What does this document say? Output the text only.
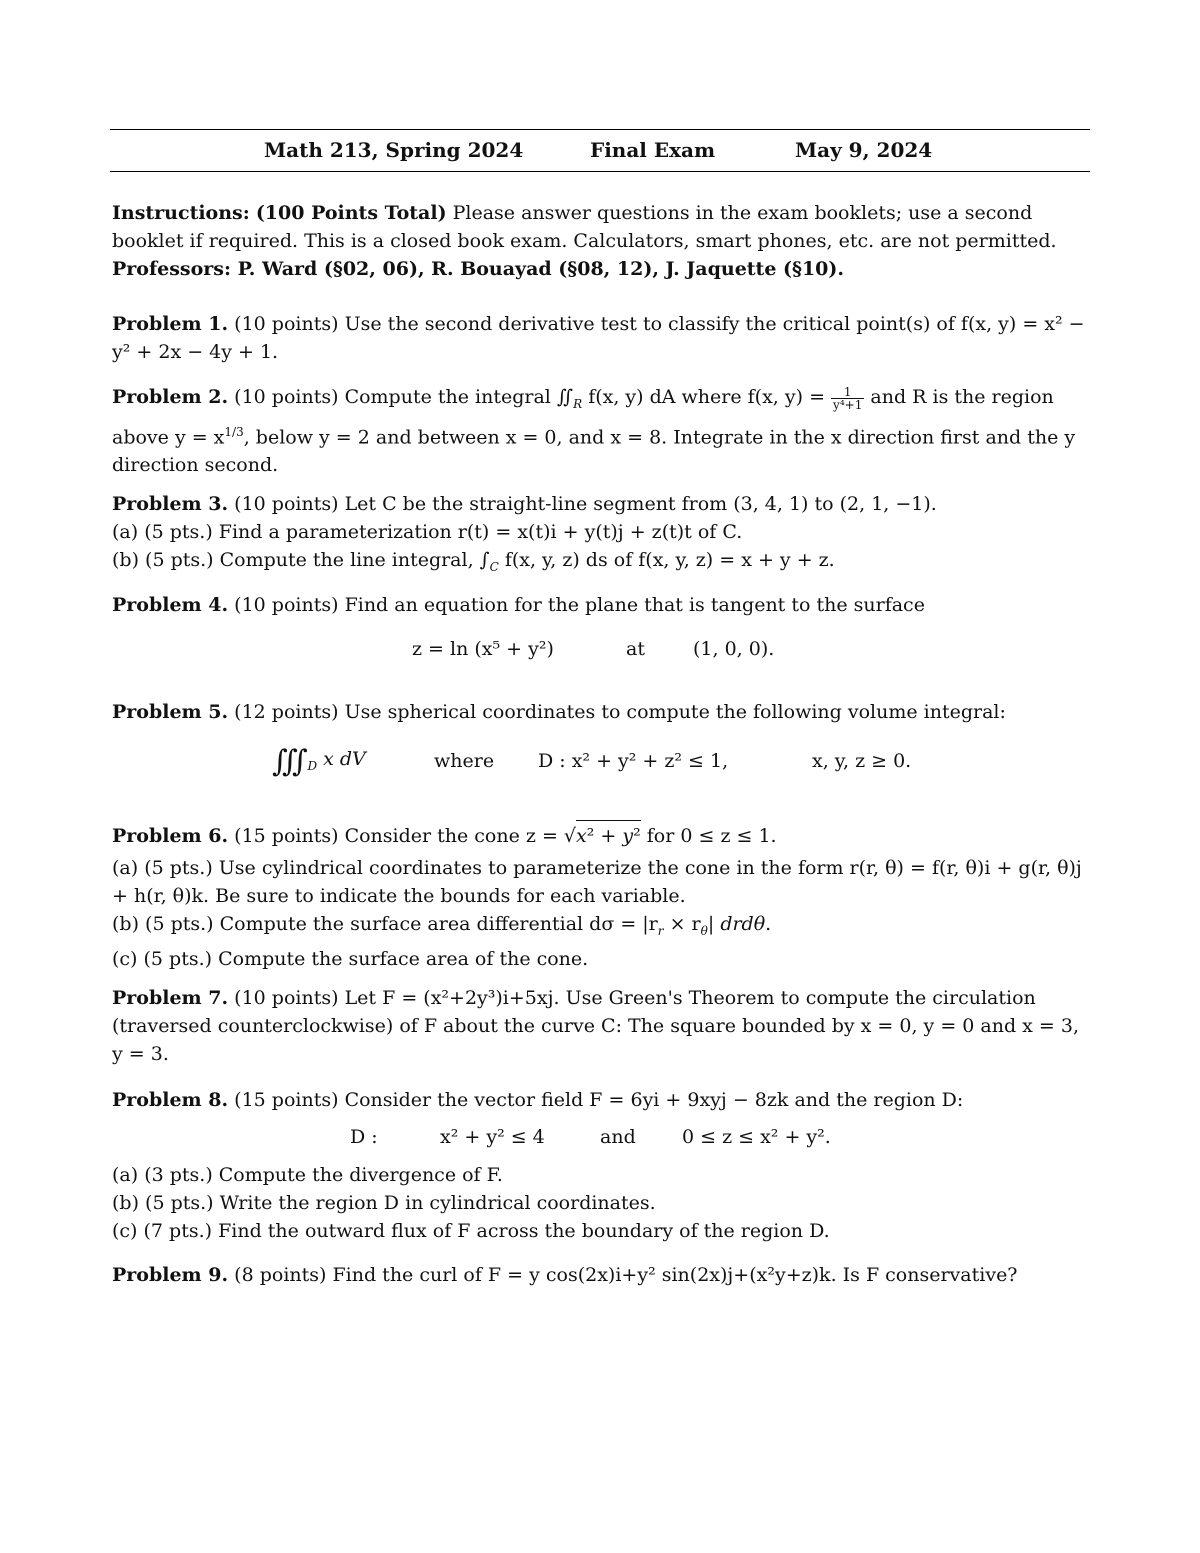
Math 213, Spring 2024	Final Exam	May 9, 2024

Instructions: (100 Points Total) Please answer questions in the exam booklets; use a second booklet if required. This is a closed book exam. Calculators, smart phones, etc. are not permitted.

Professors: P. Ward (§02, 06), R. Bouayad (§08, 12), J. Jaquette (§10).

Problem 1. (10 points) Use the second derivative test to classify the critical point(s) of f(x, y) = x² − y² + 2x − 4y + 1.

Problem 2. (10 points) Compute the integral $∬_R$ f(x, y) dA where f(x, $y) = \frac{1}{\text{y⁴+1}}$ and R is the region above $y = x^{1/3}$, below y = 2 and between x = 0, and x = 8. Integrate in the x direction first and the y direction second.

Problem 3. (10 points) Let C be the straight-line segment from (3, 4, 1) to (2, 1, −1).

(a) (5 pts.) Find a parameterization r(t) = x(t)i + y(t)j + z(t)t of C.

(b) (5 pts.) Compute the line integral, $\int_C$ f(x, y, z) ds of f(x, y, z) = x + y + z.

Problem 4. (10 points) Find an equation for the plane that is tangent to the surface

z = ln (x⁵ + y²)	at	(1, 0, 0).

Problem 5. (12 points) Use spherical coordinates to compute the following volume integral:

$∭_D$ x dV	where D : x² + y² + z² ≤ 1,	x, y, z ≥ 0.

Problem 6. (15 points) Consider the cone z = √x² + y² for 0 ≤ z ≤ 1.

(a) (5 pts.) Use cylindrical coordinates to parameterize the cone in the form r(r, θ) = f(r, θ)i + g(r, θ)j + h(r, θ)k. Be sure to indicate the bounds for each variable.

(b) (5 pts.) Compute the surface area differential $d\sigma = |r_r \times r_\theta|$ drdθ.

(c) (5 pts.) Compute the surface area of the cone.

Problem 7. (10 points) Let F = (x²+2y³)i+5xj. Use Green's Theorem to compute the circulation (traversed counterclockwise) of F about the curve C: The square bounded by x = 0, y = 0 and x = 3, y = 3.

Problem 8. (15 points) Consider the vector field F = 6yi + 9xyj − 8zk and the region D:

D :	x² + y² ≤ 4	and 0 ≤ z ≤ x² + y².

(a) (3 pts.) Compute the divergence of F.

(b) (5 pts.) Write the region D in cylindrical coordinates.

(c) (7 pts.) Find the outward flux of F across the boundary of the region D.

Problem 9. (8 points) Find the curl of F = y cos(2x)i+y² sin(2x)j+(x²y+z)k. Is F conservative?
